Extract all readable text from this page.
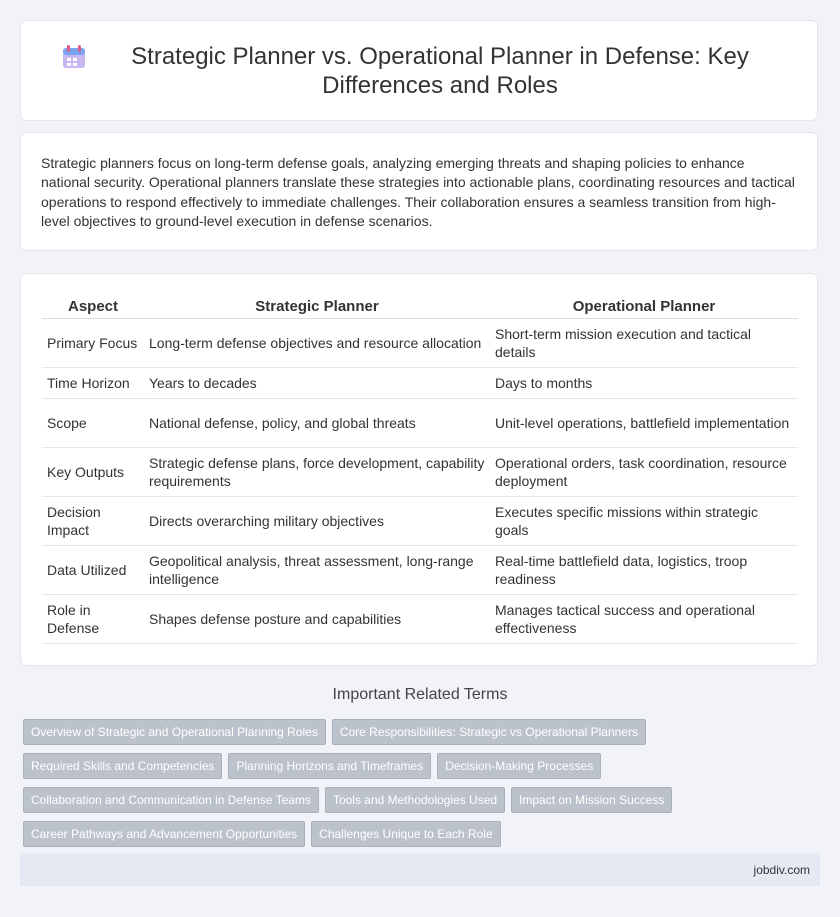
Strategic Planner vs. Operational Planner in Defense: Key Differences and Roles

Strategic planners focus on long-term defense goals, analyzing emerging threats and shaping policies to enhance national security. Operational planners translate these strategies into actionable plans, coordinating resources and tactical operations to respond effectively to immediate challenges. Their collaboration ensures a seamless transition from high-level objectives to ground-level execution in defense scenarios.

Aspect	Strategic Planner	Operational Planner
Primary Focus	Long-term defense objectives and resource allocation	Short-term mission execution and tactical details
Time Horizon	Years to decades	Days to months
Scope	National defense, policy, and global threats	Unit-level operations, battlefield implementation
Key Outputs	Strategic defense plans, force development, capability requirements	Operational orders, task coordination, resource deployment
Decision Impact	Directs overarching military objectives	Executes specific missions within strategic goals
Data Utilized	Geopolitical analysis, threat assessment, long-range intelligence	Real-time battlefield data, logistics, troop readiness
Role in Defense	Shapes defense posture and capabilities	Manages tactical success and operational effectiveness
Important Related Terms
Overview of Strategic and Operational Planning Roles	Core Responsibilities: Strategic vs Operational Planners
Required Skills and Competencies	Planning Horizons and Timeframes	Decision-Making Processes
Collaboration and Communication in Defense Teams	Tools and Methodologies Used	Impact on Mission Success
Career Pathways and Advancement Opportunities	Challenges Unique to Each Role
jobdiv.com
